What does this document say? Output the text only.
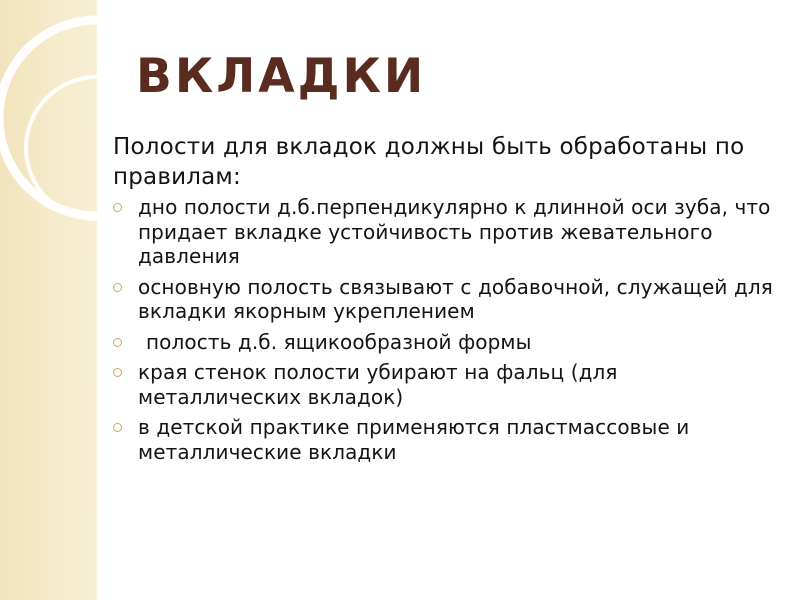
ВКЛАДКИ

Полости для вкладок должны быть обработаны по правилам:

дно полости д.б.перпендикулярно к длинной оси зуба, что придает вкладке устойчивость против жевательного давления
основную полость связывают с добавочной, служащей для вкладки якорным укреплением
полость д.б. ящикообразной формы
края стенок полости убирают на фальц (для металлических вкладок)
в детской практике применяются пластмассовые и металлические вкладки
